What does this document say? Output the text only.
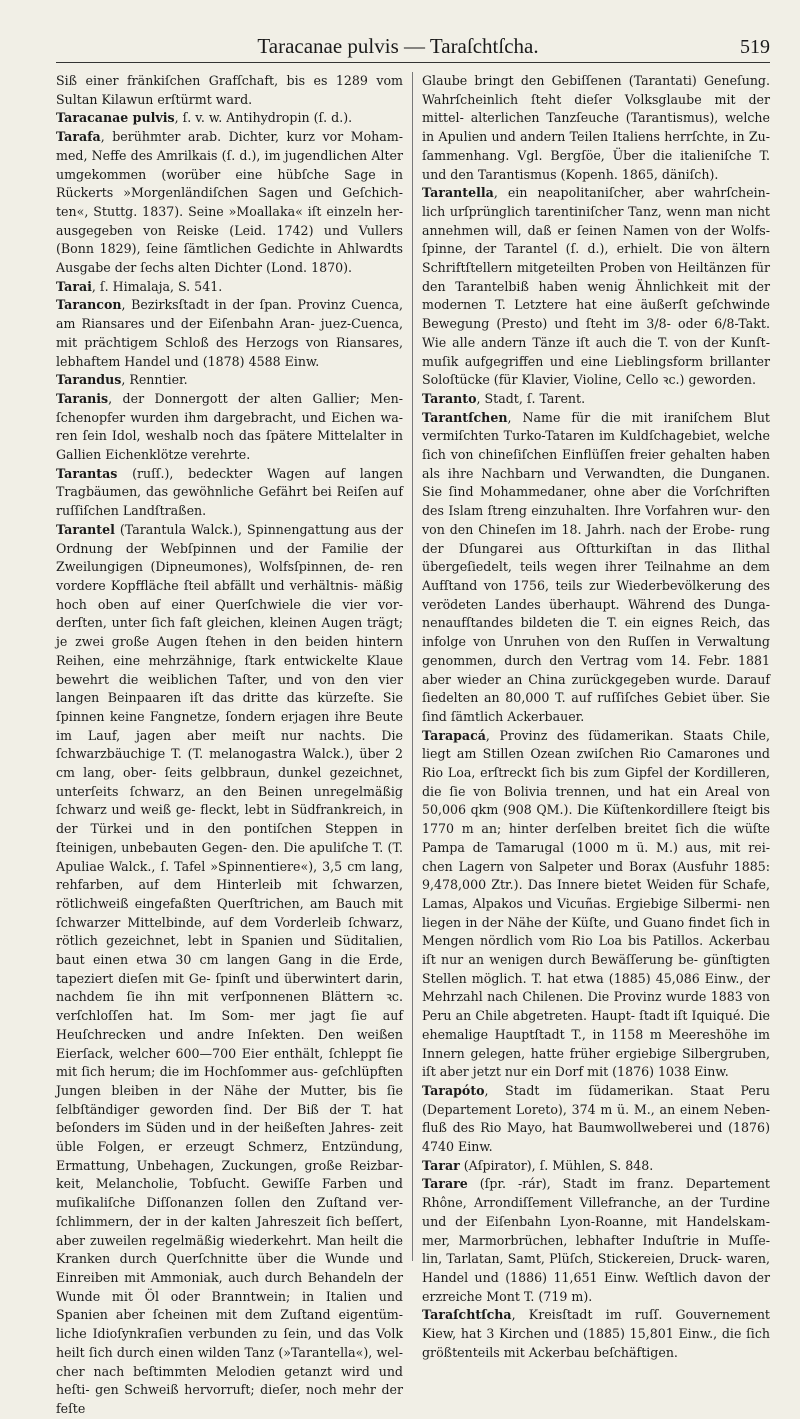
Taracanae pulvis — Taraſchtſcha.	519

Siß einer fränkiſchen Grafſchaft, bis es 1289 vom Sultan Kilawun erſtürmt ward.

Taracanae pulvis, ſ. v. w. Antihydropin (ſ. d.).

Tarafa, berühmter arab. Dichter, kurz vor Moham- med, Neffe des Amrilkais (ſ. d.), im jugendlichen Alter umgekommen (worüber eine hübſche Sage in Rückerts »Morgenländiſchen Sagen und Geſchich- ten«, Stuttg. 1837). Seine »Moallaka« iſt einzeln her- ausgegeben von Reiske (Leid. 1742) und Vullers (Bonn 1829), ſeine ſämtlichen Gedichte in Ahlwardts Ausgabe der ſechs alten Dichter (Lond. 1870).

Tarai, ſ. Himalaja, S. 541.

Tarancon, Bezirksſtadt in der ſpan. Provinz Cuenca, am Riansares und der Eiſenbahn Aran- juez-Cuenca, mit prächtigem Schloß des Herzogs von Riansares, lebhaftem Handel und (1878) 4588 Einw.

Tarandus, Renntier.

Taranis, der Donnergott der alten Gallier; Men- ſchenopfer wurden ihm dargebracht, und Eichen wa- ren ſein Idol, weshalb noch das ſpätere Mittelalter in Gallien Eichenklötze verehrte.

Tarantas (ruſſ.), bedeckter Wagen auf langen Tragbäumen, das gewöhnliche Gefährt bei Reiſen auf ruſſiſchen Landſtraßen.

Tarantel (Tarantula Walck.), Spinnengattung aus der Ordnung der Webſpinnen und der Familie der Zweilungigen (Dipneumones), Wolfsſpinnen, de- ren vordere Kopffläche ſteil abfällt und verhältnis- mäßig hoch oben auf einer Querſchwiele die vier vor- derſten, unter ſich faſt gleichen, kleinen Augen trägt; je zwei große Augen ſtehen in den beiden hintern Reihen, eine mehrzähnige, ſtark entwickelte Klaue bewehrt die weiblichen Taſter, und von den vier langen Beinpaaren iſt das dritte das kürzeſte. Sie ſpinnen keine Fangnetze, ſondern erjagen ihre Beute im Lauf, jagen aber meiſt nur nachts. Die ſchwarzbäuchige T. (T. melanogastra Walck.), über 2 cm lang, ober- ſeits gelbbraun, dunkel gezeichnet, unterſeits ſchwarz, an den Beinen unregelmäßig ſchwarz und weiß ge- fleckt, lebt in Südfrankreich, in der Türkei und in den pontiſchen Steppen in ſteinigen, unbebauten Gegen- den. Die apuliſche T. (T. Apuliae Walck., ſ. Tafel »Spinnentiere«), 3,5 cm lang, rehfarben, auf dem Hinterleib mit ſchwarzen, rötlichweiß eingefaßten Querſtrichen, am Bauch mit ſchwarzer Mittelbinde, auf dem Vorderleib ſchwarz, rötlich gezeichnet, lebt in Spanien und Süditalien, baut einen etwa 30 cm langen Gang in die Erde, tapeziert dieſen mit Ge- ſpinſt und überwintert darin, nachdem ſie ihn mit verſponnenen Blättern ꝛc. verſchloſſen hat. Im Som- mer jagt ſie auf Heuſchrecken und andre Inſekten. Den weißen Eierſack, welcher 600—700 Eier enthält, ſchleppt ſie mit ſich herum; die im Hochſommer aus- geſchlüpften Jungen bleiben in der Nähe der Mutter, bis ſie ſelbſtändiger geworden ſind. Der Biß der T. hat beſonders im Süden und in der heißeſten Jahres- zeit üble Folgen, er erzeugt Schmerz, Entzündung, Ermattung, Unbehagen, Zuckungen, große Reizbar- keit, Melancholie, Tobſucht. Gewiſſe Farben und muſikaliſche Diſſonanzen ſollen den Zuſtand ver- ſchlimmern, der in der kalten Jahreszeit ſich beſſert, aber zuweilen regelmäßig wiederkehrt. Man heilt die Kranken durch Querſchnitte über die Wunde und Einreiben mit Ammoniak, auch durch Behandeln der Wunde mit Öl oder Branntwein; in Italien und Spanien aber ſcheinen mit dem Zuſtand eigentüm- liche Idioſynkraſien verbunden zu ſein, und das Volk heilt ſich durch einen wilden Tanz (»Tarantella«), wel- cher nach beſtimmten Melodien getanzt wird und heſti- gen Schweiß hervorruft; dieſer, noch mehr der feſte

Glaube bringt den Gebiſſenen (Tarantati) Geneſung. Wahrſcheinlich ſteht dieſer Volksglaube mit der mittel- alterlichen Tanzſeuche (Tarantismus), welche in Apulien und andern Teilen Italiens herrſchte, in Zu- ſammenhang. Vgl. Bergſöe, Über die italieniſche T. und den Tarantismus (Kopenh. 1865, däniſch).

Tarantella, ein neapolitaniſcher, aber wahrſchein- lich urſprünglich tarentiniſcher Tanz, wenn man nicht annehmen will, daß er ſeinen Namen von der Wolfs- ſpinne, der Tarantel (ſ. d.), erhielt. Die von ältern Schriftſtellern mitgeteilten Proben von Heiltänzen für den Tarantelbiß haben wenig Ähnlichkeit mit der modernen T. Letztere hat eine äußerſt geſchwinde Bewegung (Presto) und ſteht im 3/8- oder 6/8-Takt. Wie alle andern Tänze iſt auch die T. von der Kunſt- muſik aufgegriffen und eine Lieblingsform brillanter Soloſtücke (für Klavier, Violine, Cello ꝛc.) geworden.

Taranto, Stadt, ſ. Tarent.

Tarantſchen, Name für die mit iraniſchem Blut vermiſchten Turko-Tataren im Kuldſchagebiet, welche ſich von chineſiſchen Einflüſſen freier gehalten haben als ihre Nachbarn und Verwandten, die Dunganen. Sie ſind Mohammedaner, ohne aber die Vorſchriften des Islam ſtreng einzuhalten. Ihre Vorfahren wur- den von den Chineſen im 18. Jahrh. nach der Erobe- rung der Dſungarei aus Oſtturkiſtan in das Ilithal übergeſiedelt, teils wegen ihrer Teilnahme an dem Aufſtand von 1756, teils zur Wiederbevölkerung des verödeten Landes überhaupt. Während des Dunga- nenaufſtandes bildeten die T. ein eignes Reich, das infolge von Unruhen von den Ruſſen in Verwaltung genommen, durch den Vertrag vom 14. Febr. 1881 aber wieder an China zurückgegeben wurde. Darauf ſiedelten an 80,000 T. auf ruſſiſches Gebiet über. Sie ſind ſämtlich Ackerbauer.

Tarapacá, Provinz des ſüdamerikan. Staats Chile, liegt am Stillen Ozean zwiſchen Rio Camarones und Rio Loa, erſtreckt ſich bis zum Gipfel der Kordilleren, die ſie von Bolivia trennen, und hat ein Areal von 50,006 qkm (908 QM.). Die Küſtenkordillere ſteigt bis 1770 m an; hinter derſelben breitet ſich die wüſte Pampa de Tamarugal (1000 m ü. M.) aus, mit rei- chen Lagern von Salpeter und Borax (Ausfuhr 1885: 9,478,000 Ztr.). Das Innere bietet Weiden für Schafe, Lamas, Alpakos und Vicuñas. Ergiebige Silbermi- nen liegen in der Nähe der Küſte, und Guano findet ſich in Mengen nördlich vom Rio Loa bis Patillos. Ackerbau iſt nur an wenigen durch Bewäſſerung be- günſtigten Stellen möglich. T. hat etwa (1885) 45,086 Einw., der Mehrzahl nach Chilenen. Die Provinz wurde 1883 von Peru an Chile abgetreten. Haupt- ſtadt iſt Iquiqué. Die ehemalige Hauptſtadt T., in 1158 m Meereshöhe im Innern gelegen, hatte früher ergiebige Silbergruben, iſt aber jetzt nur ein Dorf mit (1876) 1038 Einw.

Tarapóto, Stadt im ſüdamerikan. Staat Peru (Departement Loreto), 374 m ü. M., an einem Neben- fluß des Rio Mayo, hat Baumwollweberei und (1876) 4740 Einw.

Tarar (Aſpirator), ſ. Mühlen, S. 848.

Tarare (ſpr. -rár), Stadt im franz. Departement Rhône, Arrondiſſement Villefranche, an der Turdine und der Eiſenbahn Lyon-Roanne, mit Handelskam- mer, Marmorbrüchen, lebhafter Induſtrie in Muſſe- lin, Tarlatan, Samt, Plüſch, Stickereien, Druck- waren, Handel und (1886) 11,651 Einw. Weſtlich davon der erzreiche Mont T. (719 m).

Taraſchtſcha, Kreisſtadt im ruſſ. Gouvernement Kiew, hat 3 Kirchen und (1885) 15,801 Einw., die ſich größtenteils mit Ackerbau beſchäftigen.
